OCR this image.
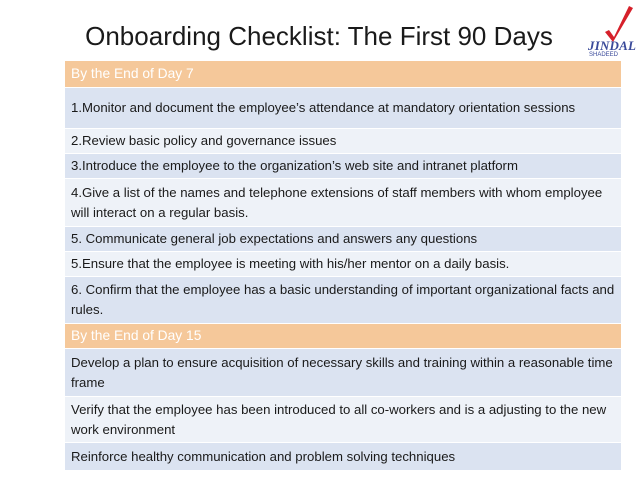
Onboarding Checklist: The First 90 Days	JINDAL
SHADEED
By the End of Day 7
1.Monitor and document the employee’s attendance at mandatory orientation sessions
2.Review basic policy and governance issues
3.Introduce the employee to the organization’s web site and intranet platform
4.Give a list of the names and telephone extensions of staff members with whom employee will interact on a regular basis.
5. Communicate general job expectations and answers any questions
5.Ensure that the employee is meeting with his/her mentor on a daily basis.
6. Confirm that the employee has a basic understanding of important organizational facts and rules.
By the End of Day 15
Develop a plan to ensure acquisition of necessary skills and training within a reasonable time frame
Verify that the employee has been introduced to all co-workers and is a adjusting to the new work environment
Reinforce healthy communication and problem solving techniques
